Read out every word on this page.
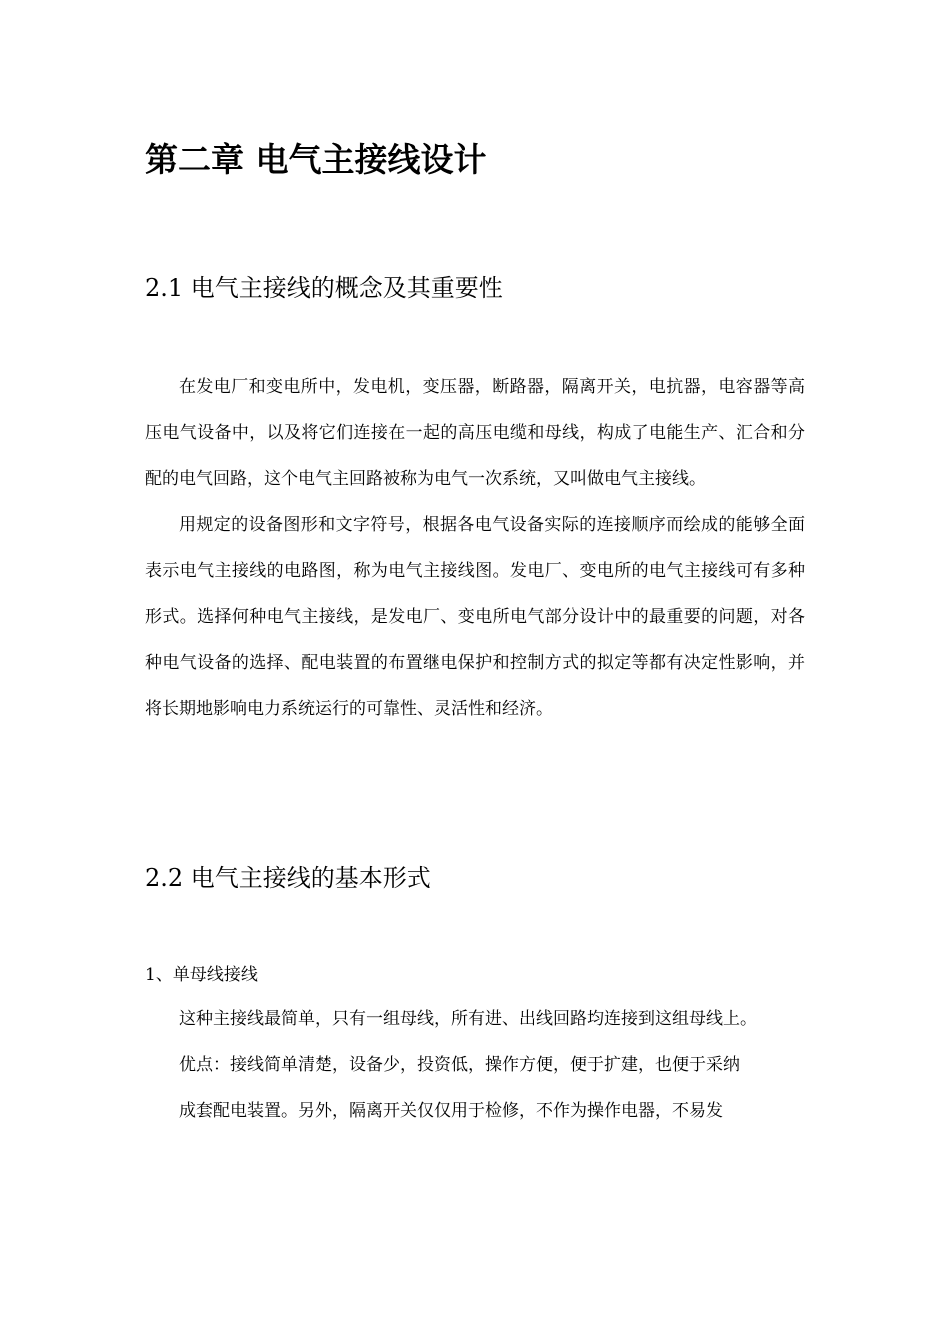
第二章 电气主接线设计
2.1 电气主接线的概念及其重要性

在发电厂和变电所中，发电机，变压器，断路器，隔离开关，电抗器，电容器等高压电气设备中，以及将它们连接在一起的高压电缆和母线，构成了电能生产、汇合和分配的电气回路，这个电气主回路被称为电气一次系统，又叫做电气主接线。

用规定的设备图形和文字符号，根据各电气设备实际的连接顺序而绘成的能够全面表示电气主接线的电路图，称为电气主接线图。发电厂、变电所的电气主接线可有多种形式。选择何种电气主接线，是发电厂、变电所电气部分设计中的最重要的问题，对各种电气设备的选择、配电装置的布置继电保护和控制方式的拟定等都有决定性影响，并将长期地影响电力系统运行的可靠性、灵活性和经济。

2.2 电气主接线的基本形式
1、单母线接线

这种主接线最简单，只有一组母线，所有进、出线回路均连接到这组母线上。

优点：接线简单清楚，设备少，投资低，操作方便，便于扩建，也便于采纳

成套配电装置。另外，隔离开关仅仅用于检修，不作为操作电器，不易发
